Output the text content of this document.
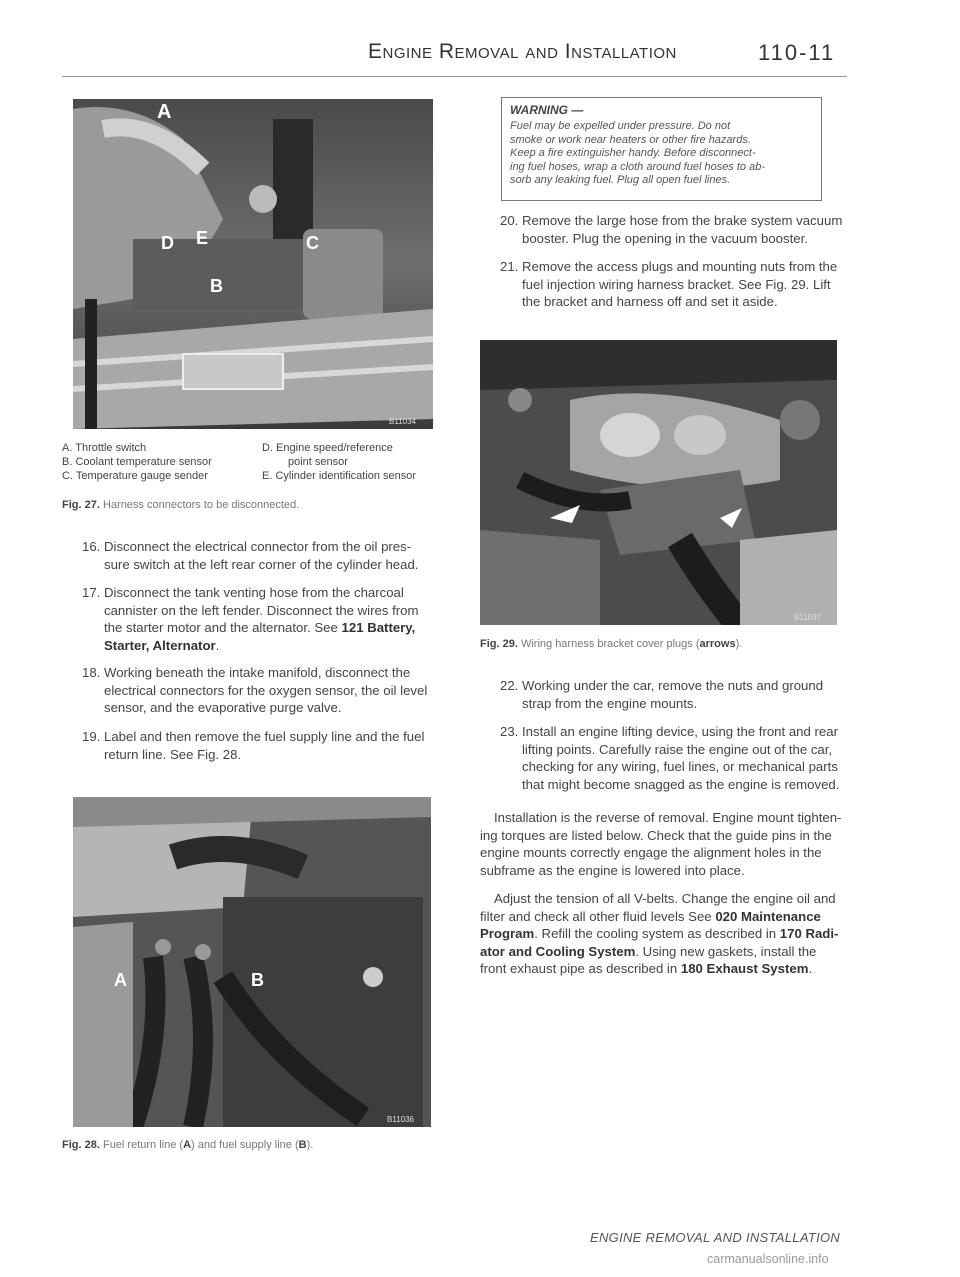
Engine Removal and Installation	110-11
A
D E	C
B
B11034
A. Throttle switch
B. Coolant temperature sensor
C. Temperature gauge sender
D. Engine speed/reference
point sensor
E. Cylinder identification sensor
Fig. 27. Harness connectors to be disconnected.
16. Disconnect the electrical connector from the oil pres-
sure switch at the left rear corner of the cylinder head.
17. Disconnect the tank venting hose from the charcoal
cannister on the left fender. Disconnect the wires from
the starter motor and the alternator. See 121 Battery,
Starter, Alternator.
18. Working beneath the intake manifold, disconnect the
electrical connectors for the oxygen sensor, the oil level
sensor, and the evaporative purge valve.
19. Label and then remove the fuel supply line and the fuel
return line. See Fig. 28.
A	B
B11036
Fig. 28. Fuel return line (A) and fuel supply line (B).
WARNING —
Fuel may be expelled under pressure. Do not
smoke or work near heaters or other fire hazards.
Keep a fire extinguisher handy. Before disconnect-
ing fuel hoses, wrap a cloth around fuel hoses to ab-
sorb any leaking fuel. Plug all open fuel lines.
20. Remove the large hose from the brake system vacuum
booster. Plug the opening in the vacuum booster.
21. Remove the access plugs and mounting nuts from the
fuel injection wiring harness bracket. See Fig. 29. Lift
the bracket and harness off and set it aside.
B11037
Fig. 29. Wiring harness bracket cover plugs (arrows).
22. Working under the car, remove the nuts and ground
strap from the engine mounts.
23. Install an engine lifting device, using the front and rear
lifting points. Carefully raise the engine out of the car,
checking for any wiring, fuel lines, or mechanical parts
that might become snagged as the engine is removed.
Installation is the reverse of removal. Engine mount tighten-
ing torques are listed below. Check that the guide pins in the
engine mounts correctly engage the alignment holes in the
subframe as the engine is lowered into place.
Adjust the tension of all V-belts. Change the engine oil and
filter and check all other fluid levels See 020 Maintenance
Program. Refill the cooling system as described in 170 Radi-
ator and Cooling System. Using new gaskets, install the
front exhaust pipe as described in 180 Exhaust System.
ENGINE REMOVAL AND INSTALLATION
carmanualsonline.info
